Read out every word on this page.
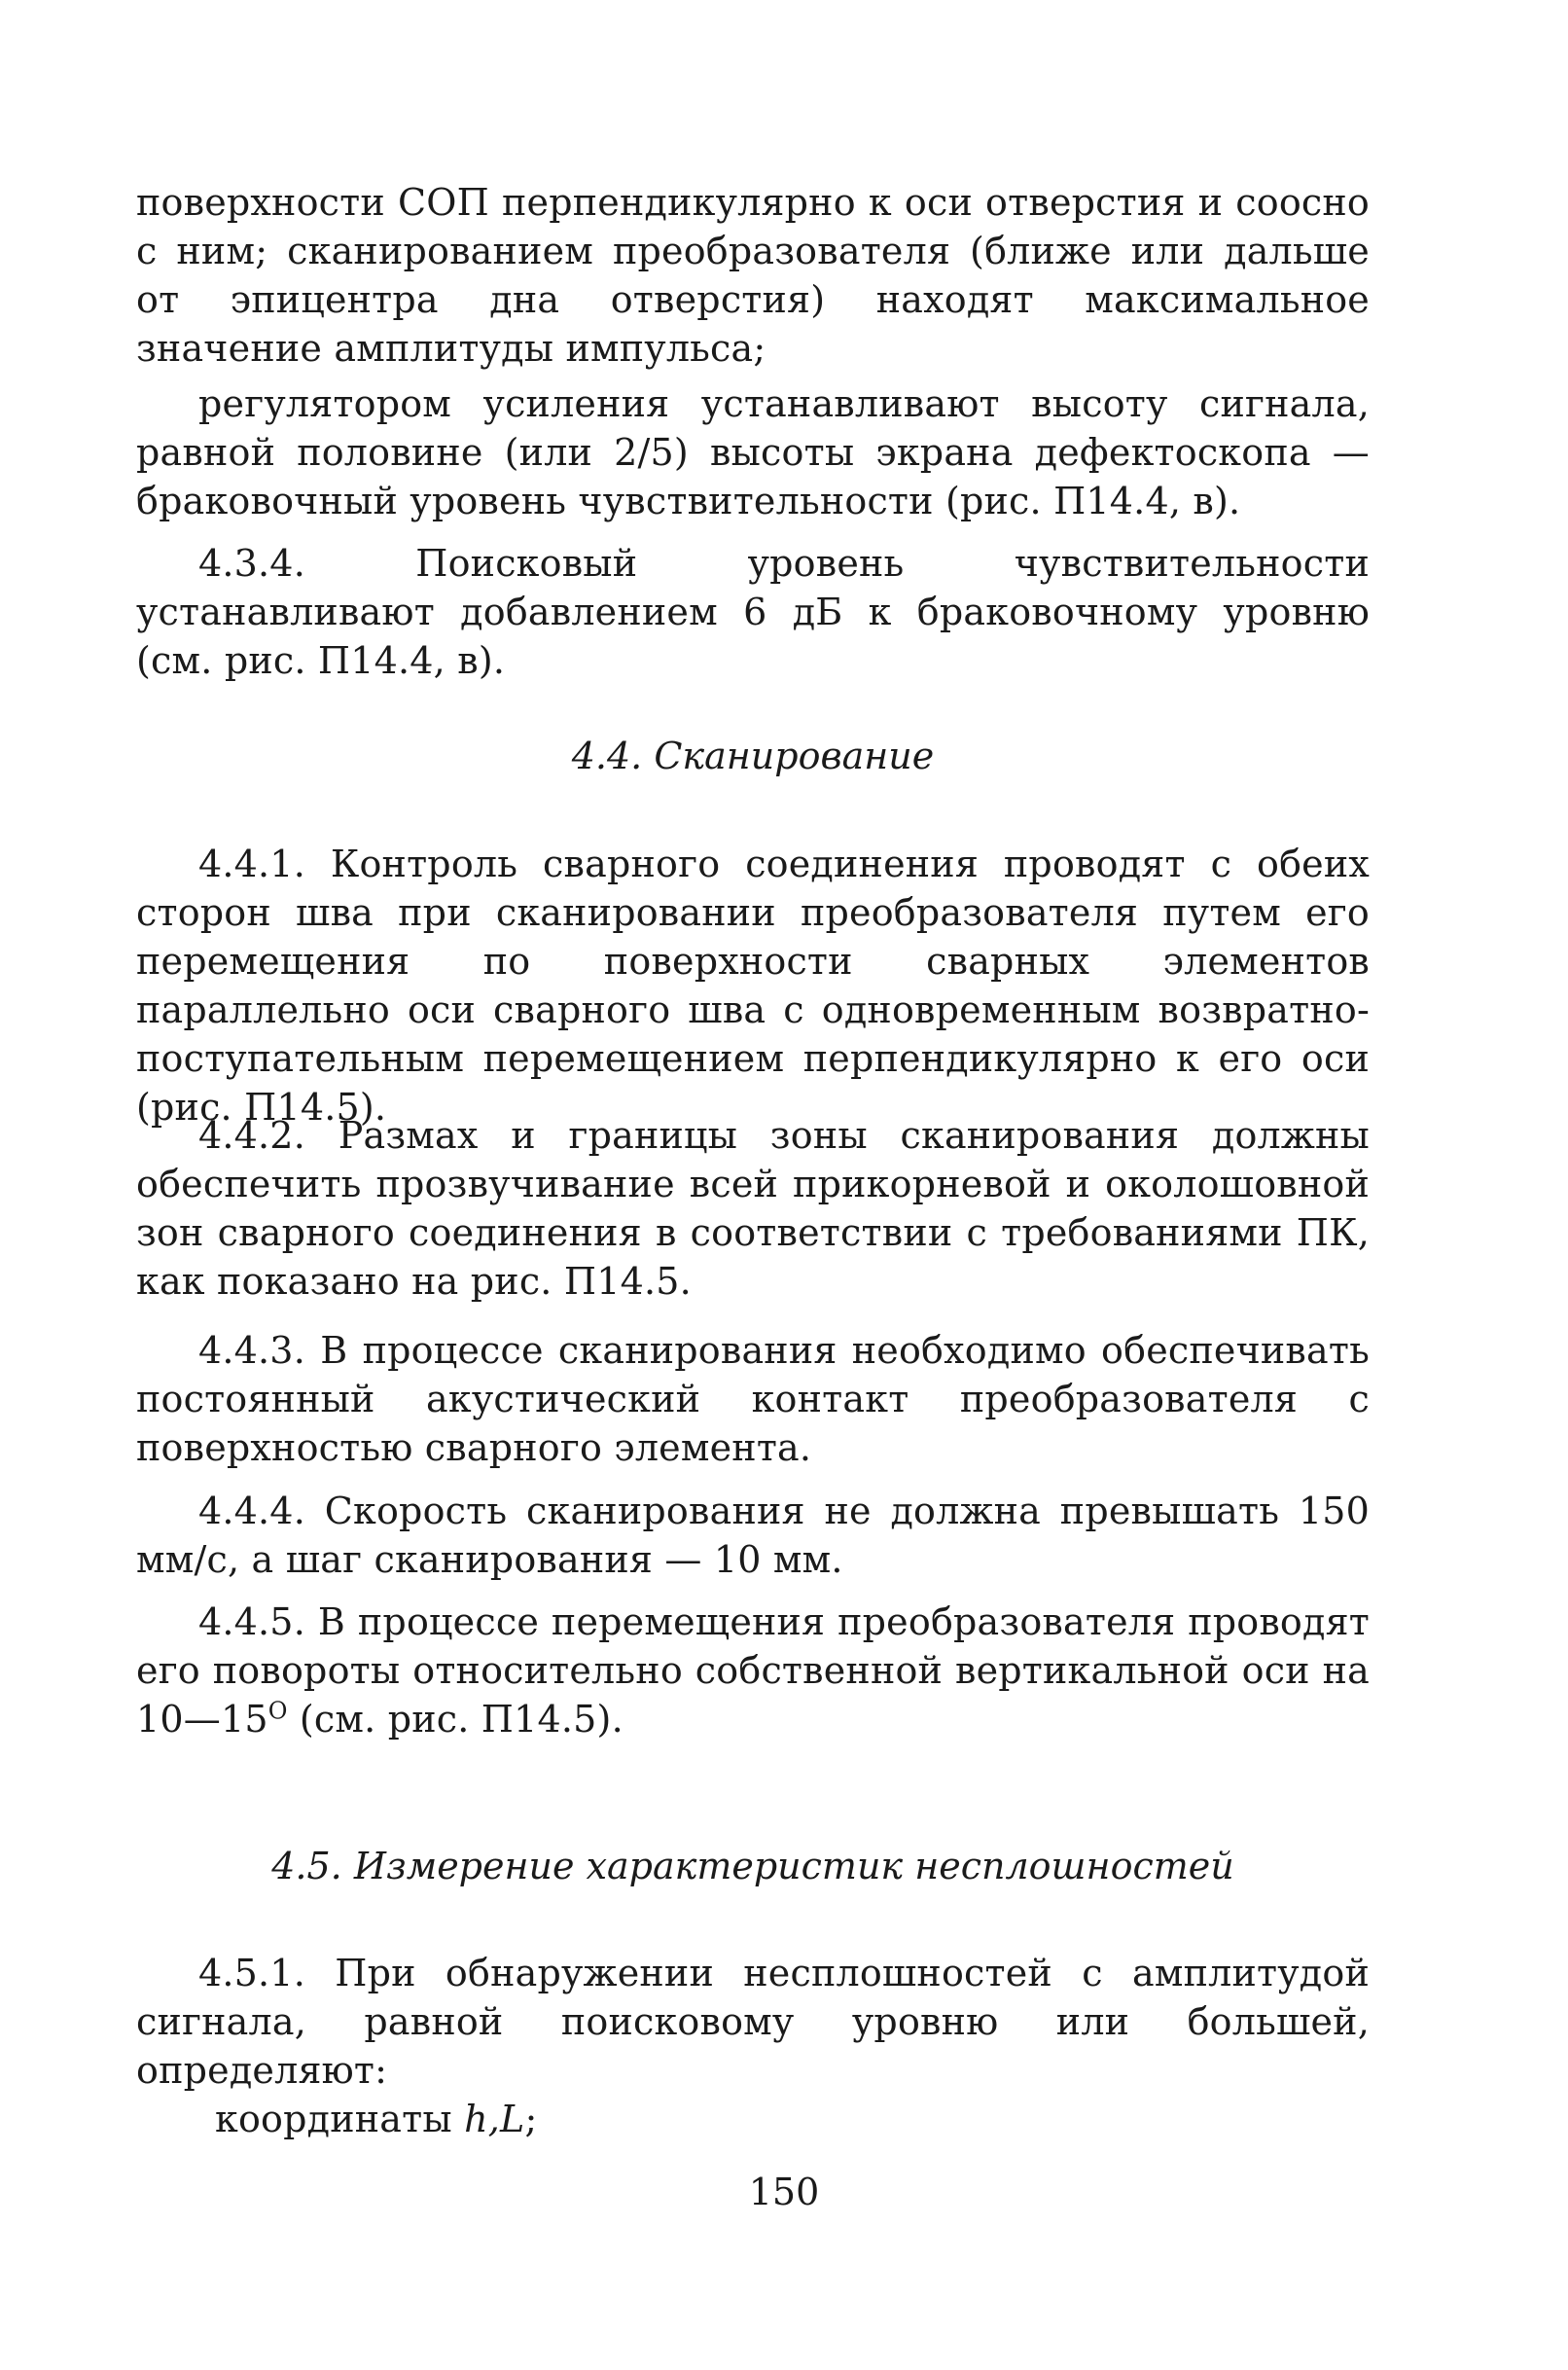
поверхности СОП перпендикулярно к оси отверстия и соосно с ним; сканированием преобразователя (ближе или дальше от эпицентра дна отверстия) находят максимальное значение амплитуды импульса;

регулятором усиления устанавливают высоту сигнала, равной половине (или 2/5) высоты экрана дефектоскопа — браковочный уровень чувствительности (рис. П14.4, в).

4.3.4. Поисковый уровень чувствительности устанавливают добавлением 6 дБ к браковочному уровню (см. рис. П14.4, в).

4.4. Сканирование

4.4.1. Контроль сварного соединения проводят с обеих сторон шва при сканировании преобразователя путем его перемещения по поверхности сварных элементов параллельно оси сварного шва с одновременным возвратно-поступательным перемещением перпендикулярно к его оси (рис. П14.5).

4.4.2. Размах и границы зоны сканирования должны обеспечить прозвучивание всей прикорневой и околошовной зон сварного соединения в соответствии с требованиями ПК, как показано на рис. П14.5.

4.4.3. В процессе сканирования необходимо обеспечивать постоянный акустический контакт преобразователя с поверхностью сварного элемента.

4.4.4. Скорость сканирования не должна превышать 150 мм/с, а шаг сканирования — 10 мм.

4.4.5. В процессе перемещения преобразователя проводят его повороты относительно собственной вертикальной оси на $10—15^О$ (см. рис. П14.5).

4.5. Измерение характеристик несплошностей

4.5.1. При обнаружении несплошностей с амплитудой сигнала, равной поисковому уровню или большей, определяют:

координаты h,L;

150
